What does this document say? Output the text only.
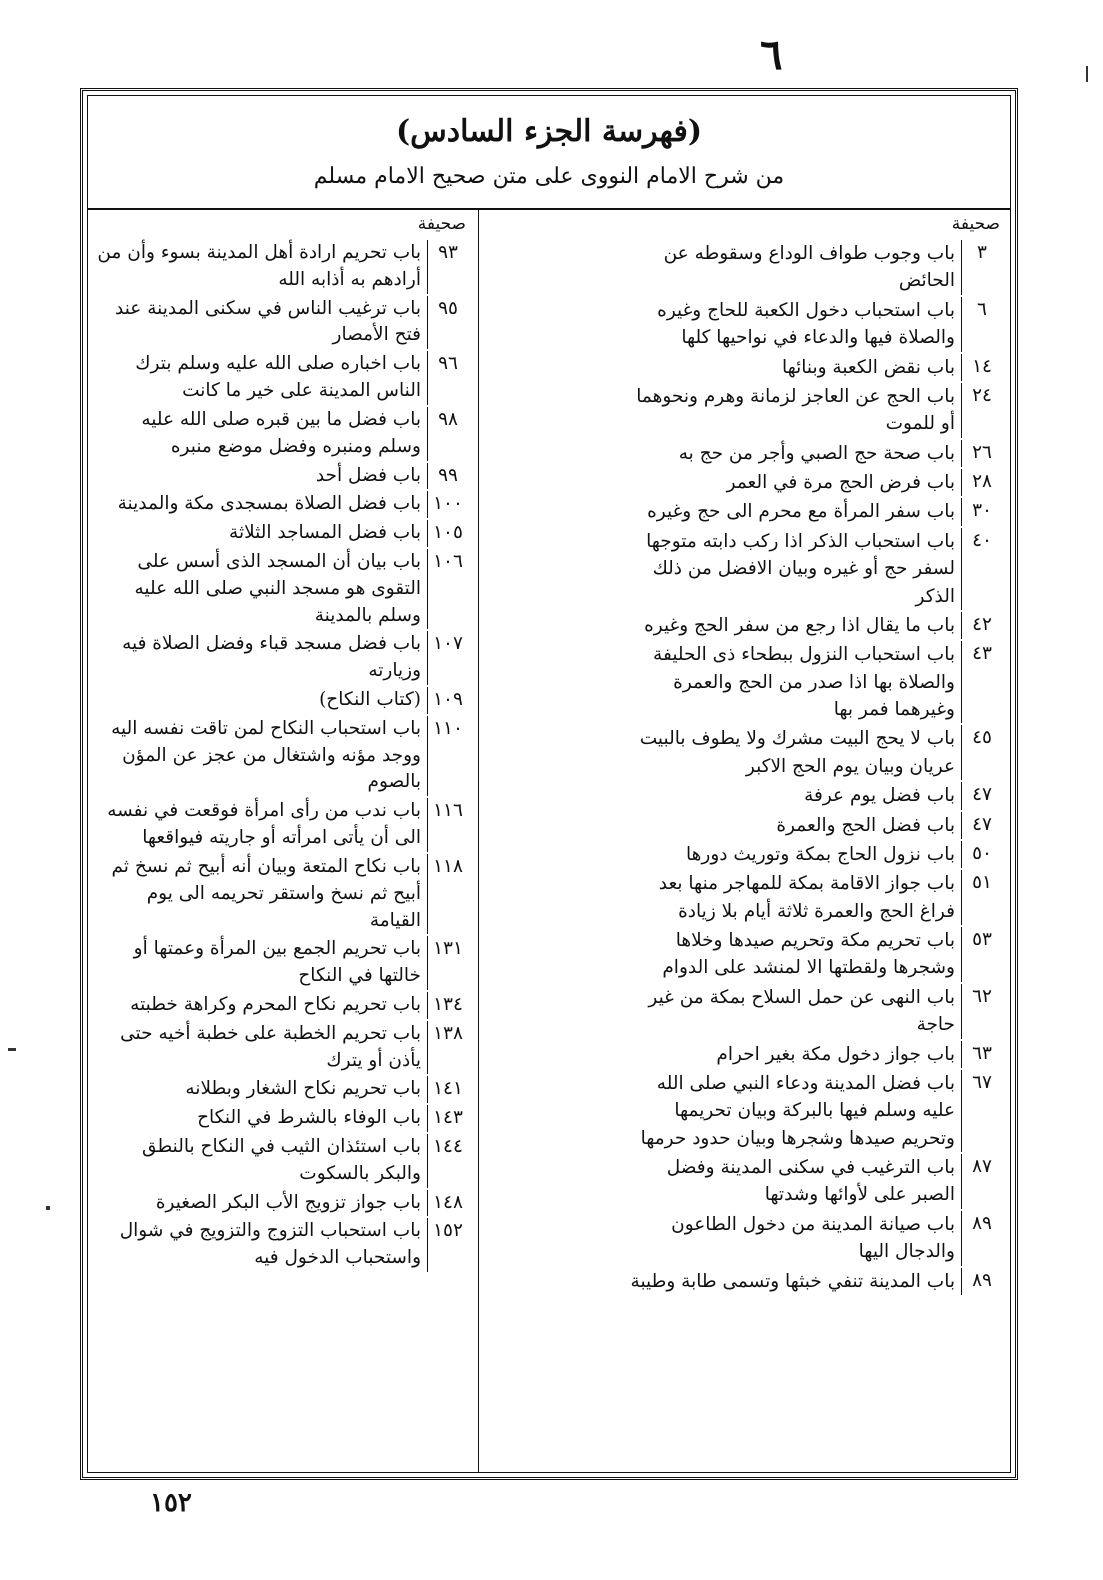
٦
(فهرسة الجزء السادس)
من شرح الامام النووى على متن صحيح الامام مسلم
صحيفة
٣
باب وجوب طواف الوداع وسقوطه عن الحائض
٦
باب استحباب دخول الكعبة للحاج وغيره والصلاة فيها والدعاء في نواحيها كلها
١٤
باب نقض الكعبة وبنائها
٢٤
باب الحج عن العاجز لزمانة وهرم ونحوهما أو للموت
٢٦
باب صحة حج الصبي وأجر من حج به
٢٨
باب فرض الحج مرة في العمر
٣٠
باب سفر المرأة مع محرم الى حج وغيره
٤٠
باب استحباب الذكر اذا ركب دابته متوجها لسفر حج أو غيره وبيان الافضل من ذلك الذكر
٤٢
باب ما يقال اذا رجع من سفر الحج وغيره
٤٣
باب استحباب النزول ببطحاء ذى الحليفة والصلاة بها اذا صدر من الحج والعمرة وغيرهما فمر بها
٤٥
باب لا يحج البيت مشرك ولا يطوف بالبيت عريان وبيان يوم الحج الاكبر
٤٧
باب فضل يوم عرفة
٤٧
باب فضل الحج والعمرة
٥٠
باب نزول الحاج بمكة وتوريث دورها
٥١
باب جواز الاقامة بمكة للمهاجر منها بعد فراغ الحج والعمرة ثلاثة أيام بلا زيادة
٥٣
باب تحريم مكة وتحريم صيدها وخلاها وشجرها ولقطتها الا لمنشد على الدوام
٦٢
باب النهى عن حمل السلاح بمكة من غير حاجة
٦٣
باب جواز دخول مكة بغير احرام
٦٧
باب فضل المدينة ودعاء النبي صلى الله عليه وسلم فيها بالبركة وبيان تحريمها وتحريم صيدها وشجرها وبيان حدود حرمها
٨٧
باب الترغيب في سكنى المدينة وفضل الصبر على لأوائها وشدتها
٨٩
باب صيانة المدينة من دخول الطاعون والدجال اليها
٨٩
باب المدينة تنفي خبثها وتسمى طابة وطيبة
صحيفة
٩٣
باب تحريم ارادة أهل المدينة بسوء وأن من أرادهم به أذابه الله
٩٥
باب ترغيب الناس في سكنى المدينة عند فتح الأمصار
٩٦
باب اخباره صلى الله عليه وسلم بترك الناس المدينة على خير ما كانت
٩٨
باب فضل ما بين قبره صلى الله عليه وسلم ومنبره وفضل موضع منبره
٩٩
باب فضل أحد
١٠٠
باب فضل الصلاة بمسجدى مكة والمدينة
١٠٥
باب فضل المساجد الثلاثة
١٠٦
باب بيان أن المسجد الذى أسس على التقوى هو مسجد النبي صلى الله عليه وسلم بالمدينة
١٠٧
باب فضل مسجد قباء وفضل الصلاة فيه وزيارته
١٠٩
(كتاب النكاح)
١١٠
باب استحباب النكاح لمن تاقت نفسه اليه ووجد مؤنه واشتغال من عجز عن المؤن بالصوم
١١٦
باب ندب من رأى امرأة فوقعت في نفسه الى أن يأتى امرأته أو جاريته فيواقعها
١١٨
باب نكاح المتعة وبيان أنه أبيح ثم نسخ ثم أبيح ثم نسخ واستقر تحريمه الى يوم القيامة
١٣١
باب تحريم الجمع بين المرأة وعمتها أو خالتها في النكاح
١٣٤
باب تحريم نكاح المحرم وكراهة خطبته
١٣٨
باب تحريم الخطبة على خطبة أخيه حتى يأذن أو يترك
١٤١
باب تحريم نكاح الشغار وبطلانه
١٤٣
باب الوفاء بالشرط في النكاح
١٤٤
باب استئذان الثيب في النكاح بالنطق والبكر بالسكوت
١٤٨
باب جواز تزويج الأب البكر الصغيرة
١٥٢
باب استحباب التزوج والتزويج في شوال واستحباب الدخول فيه
١٥٢
